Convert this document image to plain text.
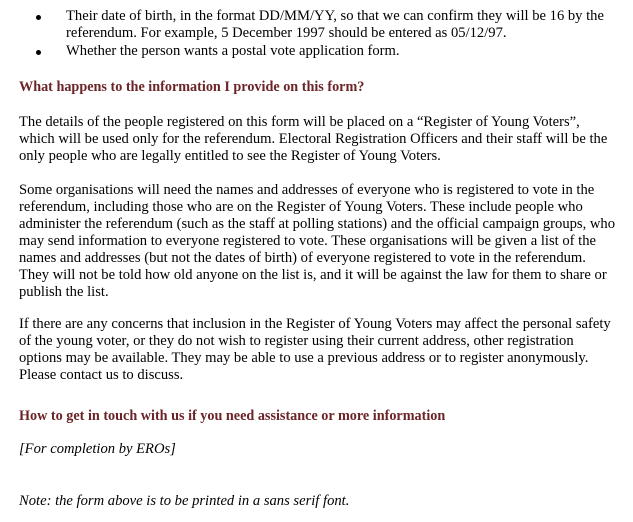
Their date of birth, in the format DD/MM/YY, so that we can confirm they will be 16 by the referendum. For example, 5 December 1997 should be entered as 05/12/97.
Whether the person wants a postal vote application form.
What happens to the information I provide on this form?

The details of the people registered on this form will be placed on a “Register of Young Voters”, which will be used only for the referendum. Electoral Registration Officers and their staff will be the only people who are legally entitled to see the Register of Young Voters.

Some organisations will need the names and addresses of everyone who is registered to vote in the referendum, including those who are on the Register of Young Voters. These include people who administer the referendum (such as the staff at polling stations) and the official campaign groups, who may send information to everyone registered to vote. These organisations will be given a list of the names and addresses (but not the dates of birth) of everyone registered to vote in the referendum. They will not be told how old anyone on the list is, and it will be against the law for them to share or publish the list.

If there are any concerns that inclusion in the Register of Young Voters may affect the personal safety of the young voter, or they do not wish to register using their current address, other registration options may be available. They may be able to use a previous address or to register anonymously. Please contact us to discuss.

How to get in touch with us if you need assistance or more information

[For completion by EROs]

Note: the form above is to be printed in a sans serif font.
